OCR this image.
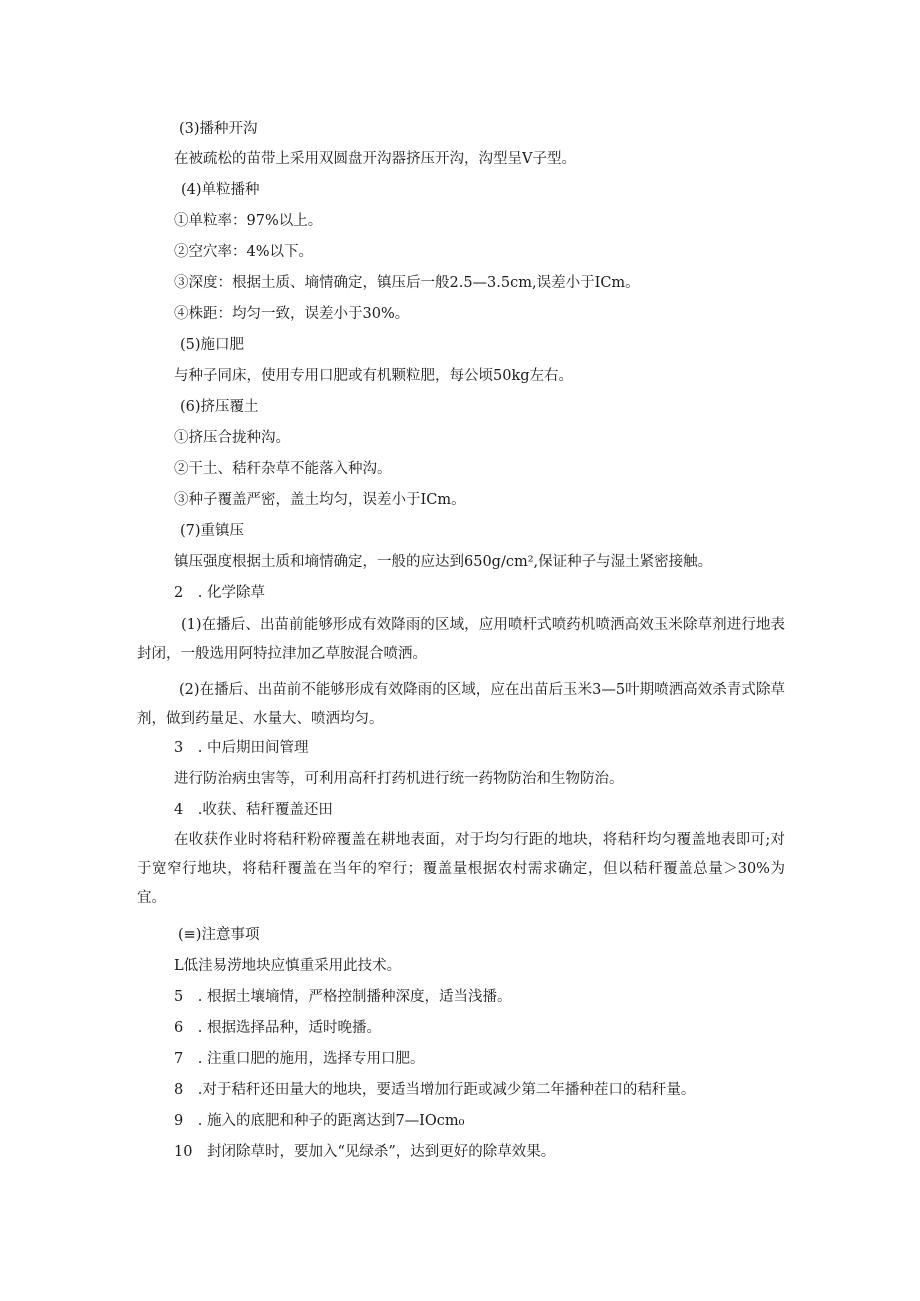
(3)播种开沟

在被疏松的苗带上采用双圆盘开沟器挤压开沟，沟型呈V子型。

(4)单粒播种

①单粒率：97%以上。

②空穴率：4%以下。

③深度：根据土质、墒情确定，镇压后一般2.5—3.5cm,误差小于ICm。

④株距：均匀一致，误差小于30%。

(5)施口肥

与种子同床，使用专用口肥或有机颗粒肥，每公顷50kg左右。

(6)挤压覆土

①挤压合拢种沟。

②干土、秸秆杂草不能落入种沟。

③种子覆盖严密，盖土均匀，误差小于ICm。

(7)重镇压

镇压强度根据土质和墒情确定，一般的应达到650g∕cm²,保证种子与湿土紧密接触。

2　. 化学除草

(1)在播后、出苗前能够形成有效降雨的区域，应用喷杆式喷药机喷洒高效玉米除草剂进行地表封闭，一般选用阿特拉津加乙草胺混合喷洒。

(2)在播后、出苗前不能够形成有效降雨的区域，应在出苗后玉米3—5叶期喷洒高效杀青式除草剂，做到药量足、水量大、喷洒均匀。

3　. 中后期田间管理

进行防治病虫害等，可利用高秆打药机进行统一药物防治和生物防治。

4　.收获、秸秆覆盖还田

在收获作业时将秸秆粉碎覆盖在耕地表面，对于均匀行距的地块，将秸秆均匀覆盖地表即可;对于宽窄行地块，将秸秆覆盖在当年的窄行；覆盖量根据农村需求确定，但以秸秆覆盖总量＞30%为宜。

(≡)注意事项

L低洼易涝地块应慎重采用此技术。

5　. 根据土壤墒情，严格控制播种深度，适当浅播。

6　. 根据选择品种，适时晚播。

7　. 注重口肥的施用，选择专用口肥。

8　.对于秸秆还田量大的地块，要适当增加行距或减少第二年播种茬口的秸秆量。

9　. 施入的底肥和种子的距离达到7—IOcm₀

10　封闭除草时，要加入“见绿杀”，达到更好的除草效果。
